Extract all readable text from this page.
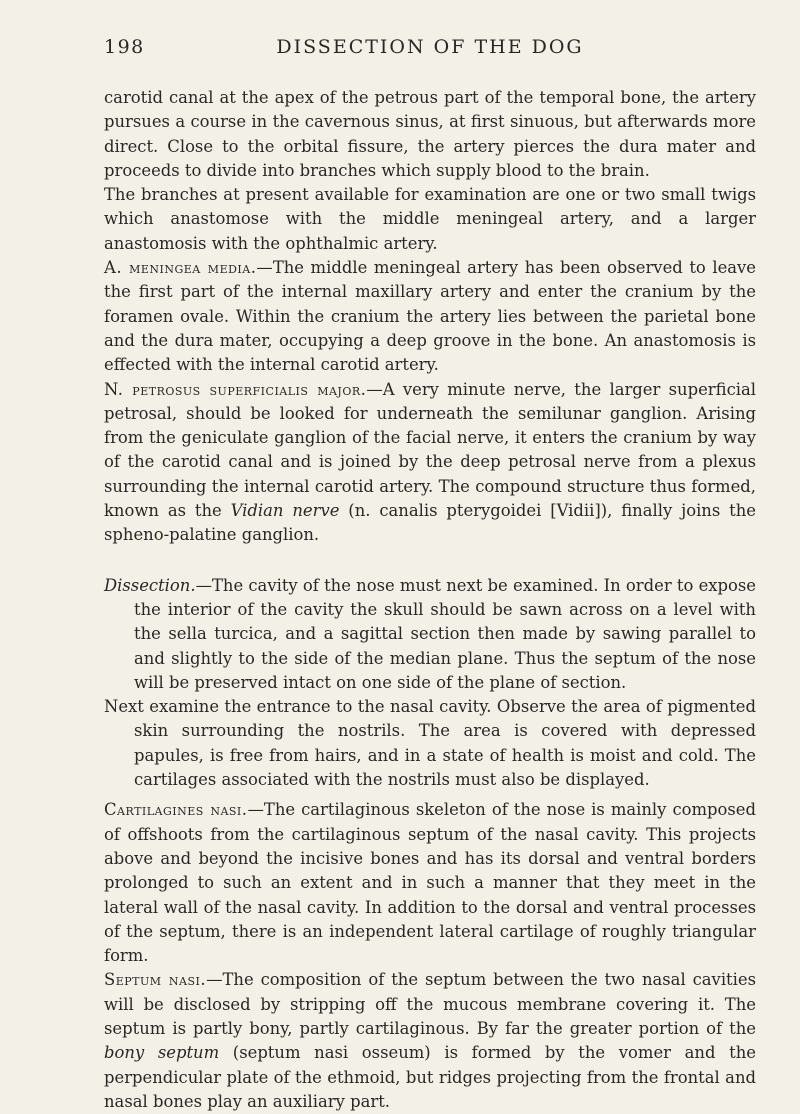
198	DISSECTION OF THE DOG

carotid canal at the apex of the petrous part of the temporal bone, the artery pursues a course in the cavernous sinus, at first sinuous, but afterwards more direct. Close to the orbital fissure, the artery pierces the dura mater and proceeds to divide into branches which supply blood to the brain.

The branches at present available for examination are one or two small twigs which anastomose with the middle meningeal artery, and a larger anastomosis with the ophthalmic artery.

A. meningea media.—The middle meningeal artery has been observed to leave the first part of the internal maxillary artery and enter the cranium by the foramen ovale. Within the cranium the artery lies between the parietal bone and the dura mater, occupying a deep groove in the bone. An anastomosis is effected with the internal carotid artery.

N. petrosus superficialis major.—A very minute nerve, the larger superficial petrosal, should be looked for underneath the semilunar ganglion. Arising from the geniculate ganglion of the facial nerve, it enters the cranium by way of the carotid canal and is joined by the deep petrosal nerve from a plexus surrounding the internal carotid artery. The compound structure thus formed, known as the Vidian nerve (n. canalis pterygoidei [Vidii]), finally joins the spheno-palatine ganglion.

Dissection.—The cavity of the nose must next be examined. In order to expose the interior of the cavity the skull should be sawn across on a level with the sella turcica, and a sagittal section then made by sawing parallel to and slightly to the side of the median plane. Thus the septum of the nose will be preserved intact on one side of the plane of section.

Next examine the entrance to the nasal cavity. Observe the area of pigmented skin surrounding the nostrils. The area is covered with depressed papules, is free from hairs, and in a state of health is moist and cold. The cartilages associated with the nostrils must also be displayed.

Cartilagines nasi.—The cartilaginous skeleton of the nose is mainly composed of offshoots from the cartilaginous septum of the nasal cavity. This projects above and beyond the incisive bones and has its dorsal and ventral borders prolonged to such an extent and in such a manner that they meet in the lateral wall of the nasal cavity. In addition to the dorsal and ventral processes of the septum, there is an independent lateral cartilage of roughly triangular form.

Septum nasi.—The composition of the septum between the two nasal cavities will be disclosed by stripping off the mucous membrane covering it. The septum is partly bony, partly cartilaginous. By far the greater portion of the bony septum (septum nasi osseum) is formed by the vomer and the perpendicular plate of the ethmoid, but ridges projecting from the frontal and nasal bones play an auxiliary part.
